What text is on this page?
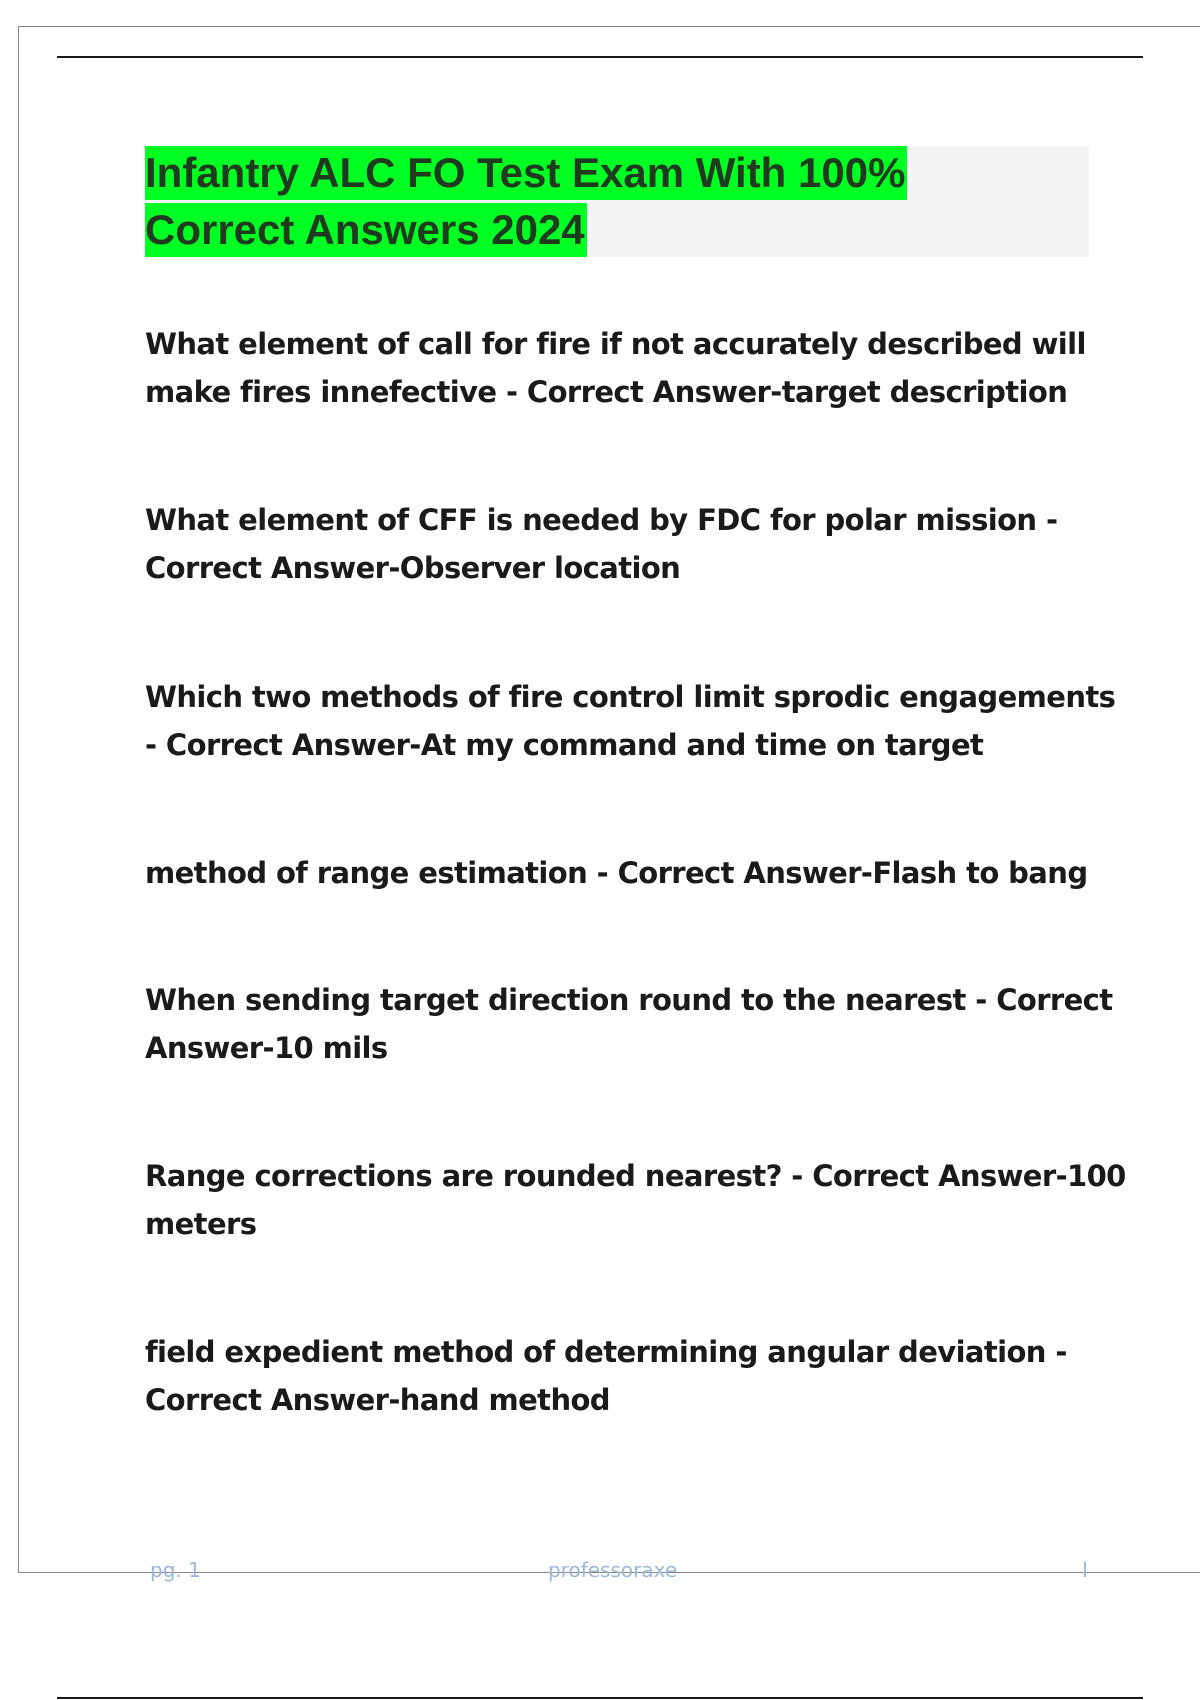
Infantry ALC FO Test Exam With 100%
Correct Answers 2024

What element of call for fire if not accurately described will
make fires innefective - Correct Answer-target description

What element of CFF is needed by FDC for polar mission -
Correct Answer-Observer location

Which two methods of fire control limit sprodic engagements
- Correct Answer-At my command and time on target

method of range estimation - Correct Answer-Flash to bang

When sending target direction round to the nearest - Correct
Answer-10 mils

Range corrections are rounded nearest? - Correct Answer-100
meters

field expedient method of determining angular deviation -
Correct Answer-hand method

pg. 1	professoraxe	I
